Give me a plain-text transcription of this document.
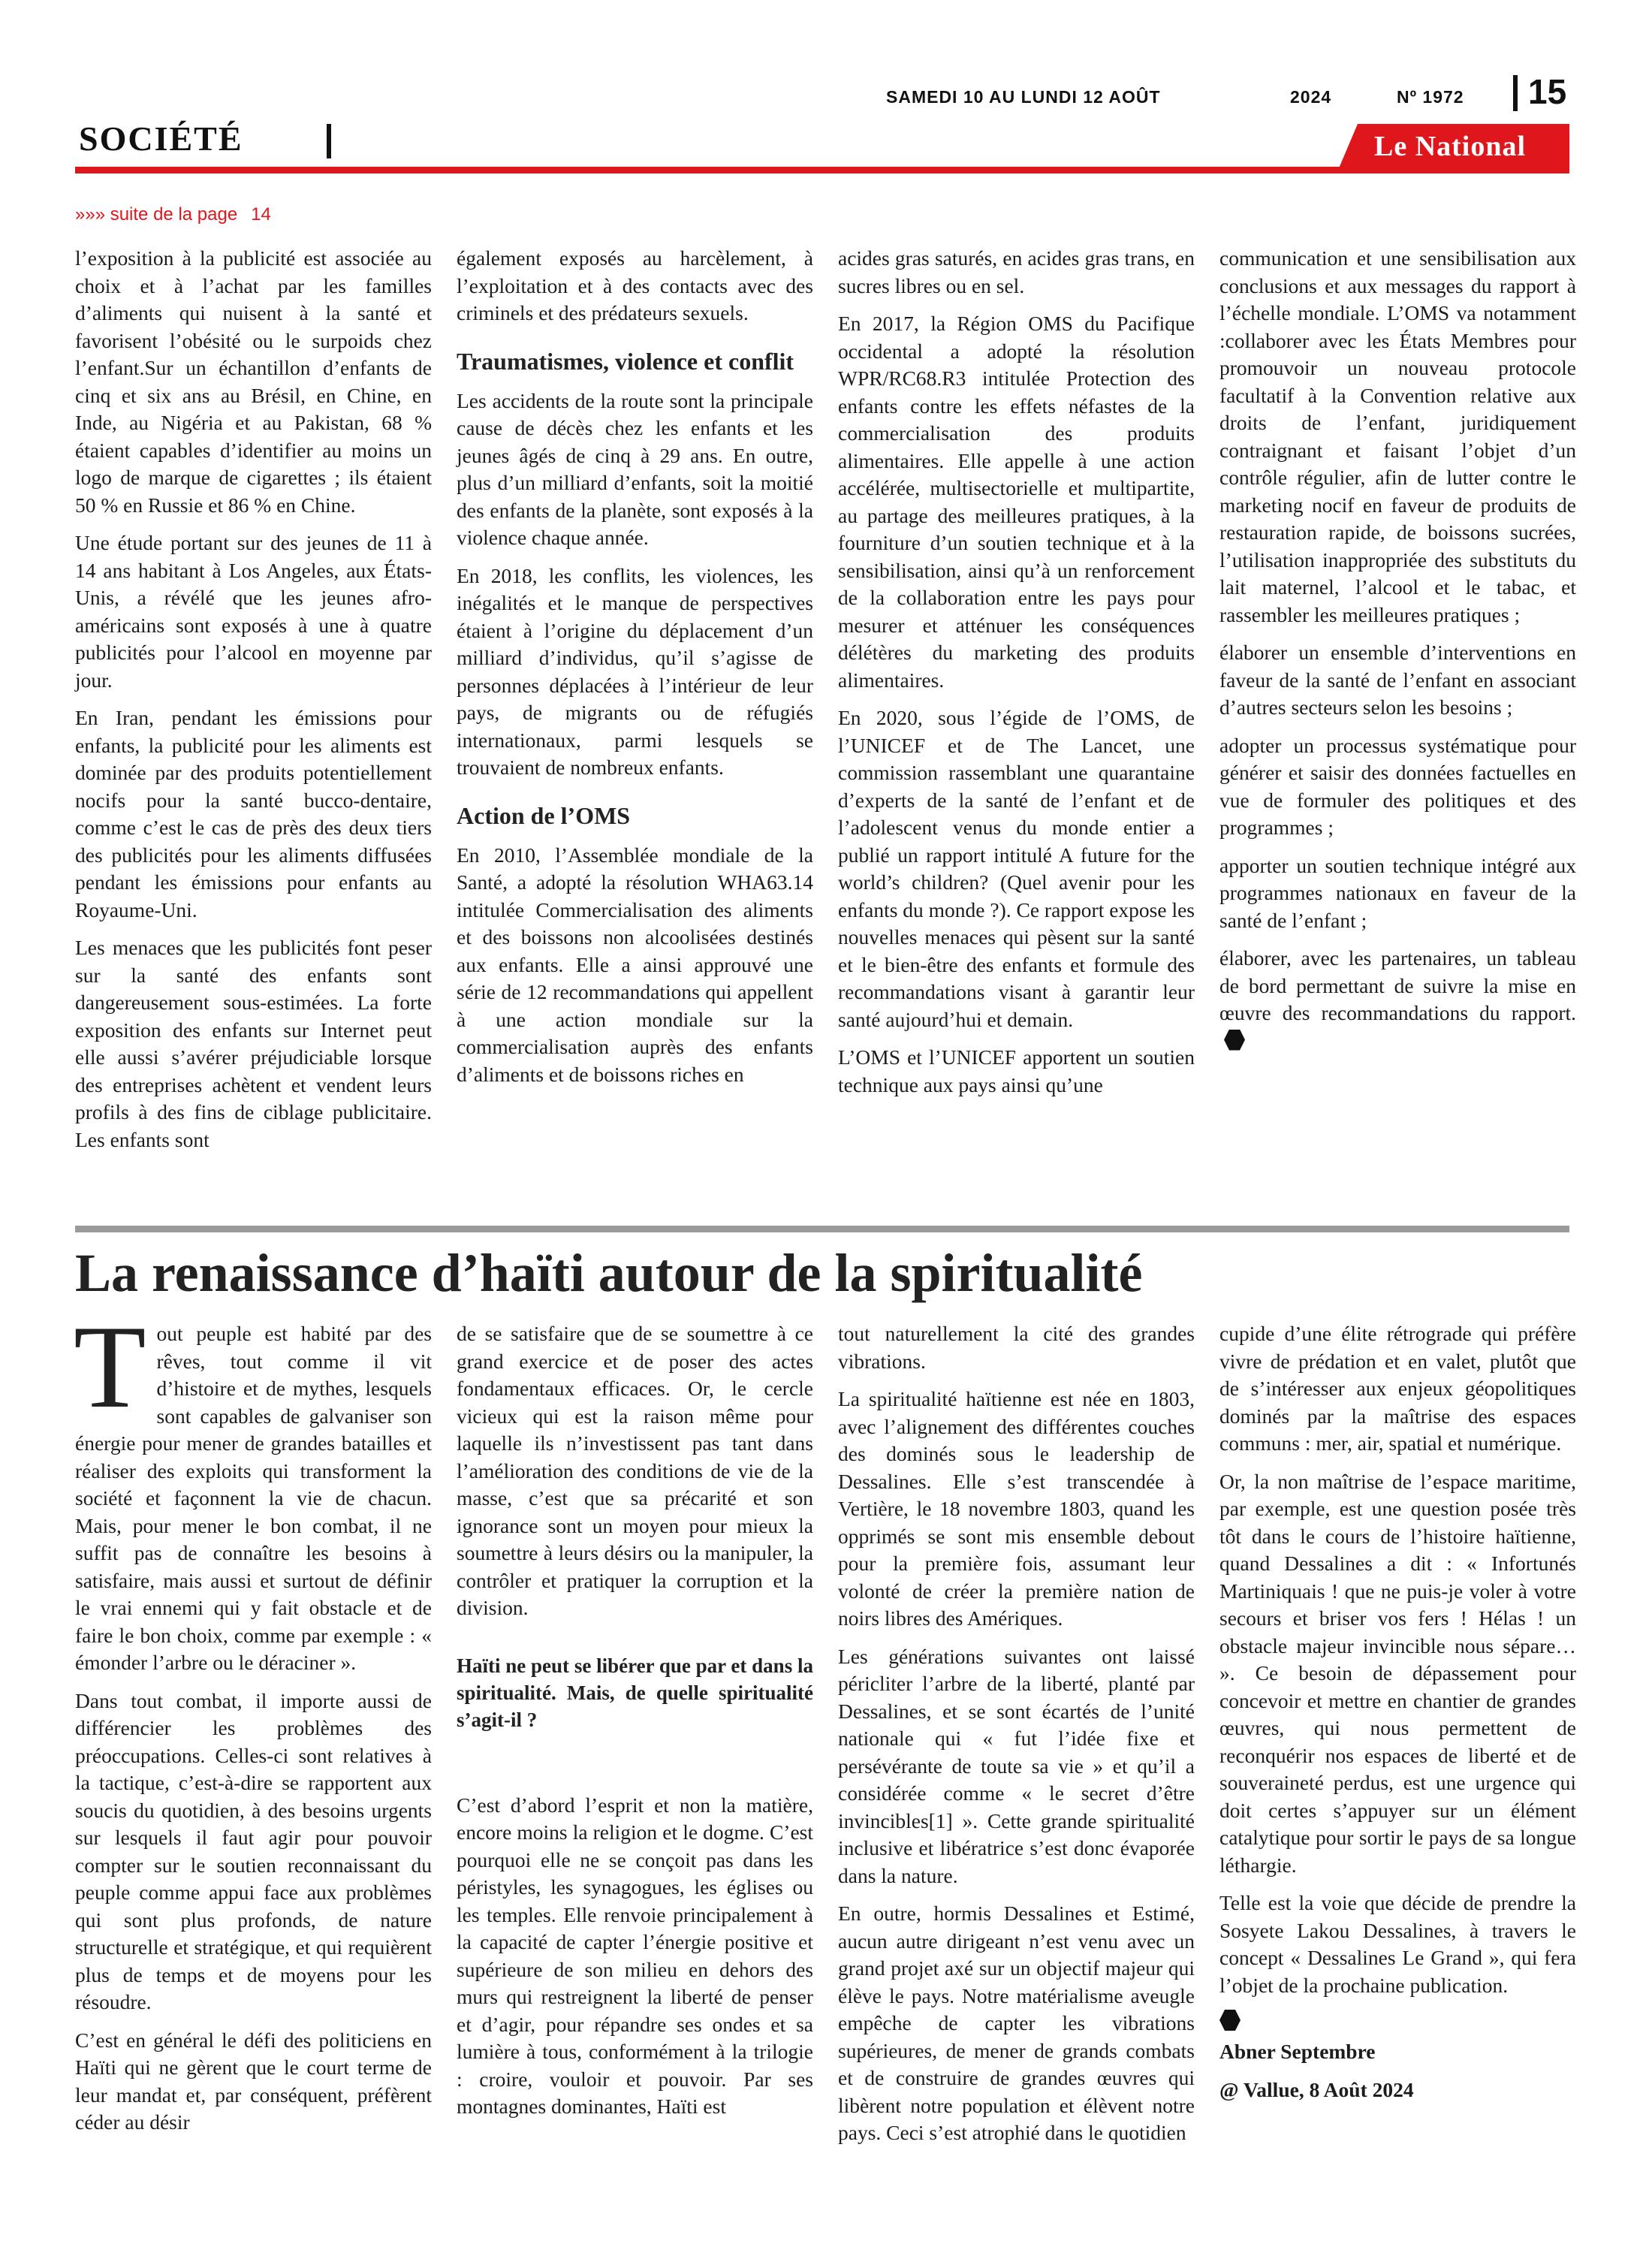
SAMEDI 10 AU LUNDI 12 AOÛT	2024	Nº 1972 15
SOCIÉTÉ	Le National
»»» suite de la page 14

l’exposition à la publicité est associée au choix et à l’achat par les familles d’aliments qui nuisent à la santé et favorisent l’obésité ou le surpoids chez l’enfant.Sur un échantillon d’enfants de cinq et six ans au Brésil, en Chine, en Inde, au Nigéria et au Pakistan, 68 % étaient capables d’identifier au moins un logo de marque de cigarettes ; ils étaient 50 % en Russie et 86 % en Chine.

Une étude portant sur des jeunes de 11 à 14 ans habitant à Los Angeles, aux États-Unis, a révélé que les jeunes afro-américains sont exposés à une à quatre publicités pour l’alcool en moyenne par jour.

En Iran, pendant les émissions pour enfants, la publicité pour les aliments est dominée par des produits potentiellement nocifs pour la santé bucco-dentaire, comme c’est le cas de près des deux tiers des publicités pour les aliments diffusées pendant les émissions pour enfants au Royaume-Uni.

Les menaces que les publicités font peser sur la santé des enfants sont dangereusement sous-estimées. La forte exposition des enfants sur Internet peut elle aussi s’avérer préjudiciable lorsque des entreprises achètent et vendent leurs profils à des fins de ciblage publicitaire. Les enfants sont

également exposés au harcèlement, à l’exploitation et à des contacts avec des criminels et des prédateurs sexuels.

Traumatismes, violence et conflit

Les accidents de la route sont la principale cause de décès chez les enfants et les jeunes âgés de cinq à 29 ans. En outre, plus d’un milliard d’enfants, soit la moitié des enfants de la planète, sont exposés à la violence chaque année.

En 2018, les conflits, les violences, les inégalités et le manque de perspectives étaient à l’origine du déplacement d’un milliard d’individus, qu’il s’agisse de personnes déplacées à l’intérieur de leur pays, de migrants ou de réfugiés internationaux, parmi lesquels se trouvaient de nombreux enfants.

Action de l’OMS

En 2010, l’Assemblée mondiale de la Santé, a adopté la résolution WHA63.14 intitulée Commercialisation des aliments et des boissons non alcoolisées destinés aux enfants. Elle a ainsi approuvé une série de 12 recommandations qui appellent à une action mondiale sur la commercialisation auprès des enfants d’aliments et de boissons riches en

acides gras saturés, en acides gras trans, en sucres libres ou en sel.

En 2017, la Région OMS du Pacifique occidental a adopté la résolution WPR/RC68.R3 intitulée Protection des enfants contre les effets néfastes de la commercialisation des produits alimentaires. Elle appelle à une action accélérée, multisectorielle et multipartite, au partage des meilleures pratiques, à la fourniture d’un soutien technique et à la sensibilisation, ainsi qu’à un renforcement de la collaboration entre les pays pour mesurer et atténuer les conséquences délétères du marketing des produits alimentaires.

En 2020, sous l’égide de l’OMS, de l’UNICEF et de The Lancet, une commission rassemblant une quarantaine d’experts de la santé de l’enfant et de l’adolescent venus du monde entier a publié un rapport intitulé A future for the world’s children? (Quel avenir pour les enfants du monde ?). Ce rapport expose les nouvelles menaces qui pèsent sur la santé et le bien-être des enfants et formule des recommandations visant à garantir leur santé aujourd’hui et demain.

L’OMS et l’UNICEF apportent un soutien technique aux pays ainsi qu’une

communication et une sensibilisation aux conclusions et aux messages du rapport à l’échelle mondiale. L’OMS va notamment :collaborer avec les États Membres pour promouvoir un nouveau protocole facultatif à la Convention relative aux droits de l’enfant, juridiquement contraignant et faisant l’objet d’un contrôle régulier, afin de lutter contre le marketing nocif en faveur de produits de restauration rapide, de boissons sucrées, l’utilisation inappropriée des substituts du lait maternel, l’alcool et le tabac, et rassembler les meilleures pratiques ;

élaborer un ensemble d’interventions en faveur de la santé de l’enfant en associant d’autres secteurs selon les besoins ;

adopter un processus systématique pour générer et saisir des données factuelles en vue de formuler des politiques et des programmes ;

apporter un soutien technique intégré aux programmes nationaux en faveur de la santé de l’enfant ;

élaborer, avec les partenaires, un tableau de bord permettant de suivre la mise en œuvre des recommandations du rapport.

La renaissance d’haïti autour de la spiritualité

Tout peuple est habité par des rêves, tout comme il vit d’histoire et de mythes, lesquels sont capables de galvaniser son énergie pour mener de grandes batailles et réaliser des exploits qui transforment la société et façonnent la vie de chacun. Mais, pour mener le bon combat, il ne suffit pas de connaître les besoins à satisfaire, mais aussi et surtout de définir le vrai ennemi qui y fait obstacle et de faire le bon choix, comme par exemple : « émonder l’arbre ou le déraciner ».

Dans tout combat, il importe aussi de différencier les problèmes des préoccupations. Celles-ci sont relatives à la tactique, c’est-à-dire se rapportent aux soucis du quotidien, à des besoins urgents sur lesquels il faut agir pour pouvoir compter sur le soutien reconnaissant du peuple comme appui face aux problèmes qui sont plus profonds, de nature structurelle et stratégique, et qui requièrent plus de temps et de moyens pour les résoudre.

C’est en général le défi des politiciens en Haïti qui ne gèrent que le court terme de leur mandat et, par conséquent, préfèrent céder au désir

de se satisfaire que de se soumettre à ce grand exercice et de poser des actes fondamentaux efficaces. Or, le cercle vicieux qui est la raison même pour laquelle ils n’investissent pas tant dans l’amélioration des conditions de vie de la masse, c’est que sa précarité et son ignorance sont un moyen pour mieux la soumettre à leurs désirs ou la manipuler, la contrôler et pratiquer la corruption et la division.

Haïti ne peut se libérer que par et dans la spiritualité. Mais, de quelle spiritualité s’agit-il ?

C’est d’abord l’esprit et non la matière, encore moins la religion et le dogme. C’est pourquoi elle ne se conçoit pas dans les péristyles, les synagogues, les églises ou les temples. Elle renvoie principalement à la capacité de capter l’énergie positive et supérieure de son milieu en dehors des murs qui restreignent la liberté de penser et d’agir, pour répandre ses ondes et sa lumière à tous, conformément à la trilogie : croire, vouloir et pouvoir. Par ses montagnes dominantes, Haïti est

tout naturellement la cité des grandes vibrations.

La spiritualité haïtienne est née en 1803, avec l’alignement des différentes couches des dominés sous le leadership de Dessalines. Elle s’est transcendée à Vertière, le 18 novembre 1803, quand les opprimés se sont mis ensemble debout pour la première fois, assumant leur volonté de créer la première nation de noirs libres des Amériques.

Les générations suivantes ont laissé péricliter l’arbre de la liberté, planté par Dessalines, et se sont écartés de l’unité nationale qui « fut l’idée fixe et persévérante de toute sa vie » et qu’il a considérée comme « le secret d’être invincibles[1] ». Cette grande spiritualité inclusive et libératrice s’est donc évaporée dans la nature.

En outre, hormis Dessalines et Estimé, aucun autre dirigeant n’est venu avec un grand projet axé sur un objectif majeur qui élève le pays. Notre matérialisme aveugle empêche de capter les vibrations supérieures, de mener de grands combats et de construire de grandes œuvres qui libèrent notre population et élèvent notre pays. Ceci s’est atrophié dans le quotidien

cupide d’une élite rétrograde qui préfère vivre de prédation et en valet, plutôt que de s’intéresser aux enjeux géopolitiques dominés par la maîtrise des espaces communs : mer, air, spatial et numérique.

Or, la non maîtrise de l’espace maritime, par exemple, est une question posée très tôt dans le cours de l’histoire haïtienne, quand Dessalines a dit : « Infortunés Martiniquais ! que ne puis-je voler à votre secours et briser vos fers ! Hélas ! un obstacle majeur invincible nous sépare… ». Ce besoin de dépassement pour concevoir et mettre en chantier de grandes œuvres, qui nous permettent de reconquérir nos espaces de liberté et de souveraineté perdus, est une urgence qui doit certes s’appuyer sur un élément catalytique pour sortir le pays de sa longue léthargie.

Telle est la voie que décide de prendre la Sosyete Lakou Dessalines, à travers le concept « Dessalines Le Grand », qui fera l’objet de la prochaine publication.

Abner Septembre

@ Vallue, 8 Août 2024
